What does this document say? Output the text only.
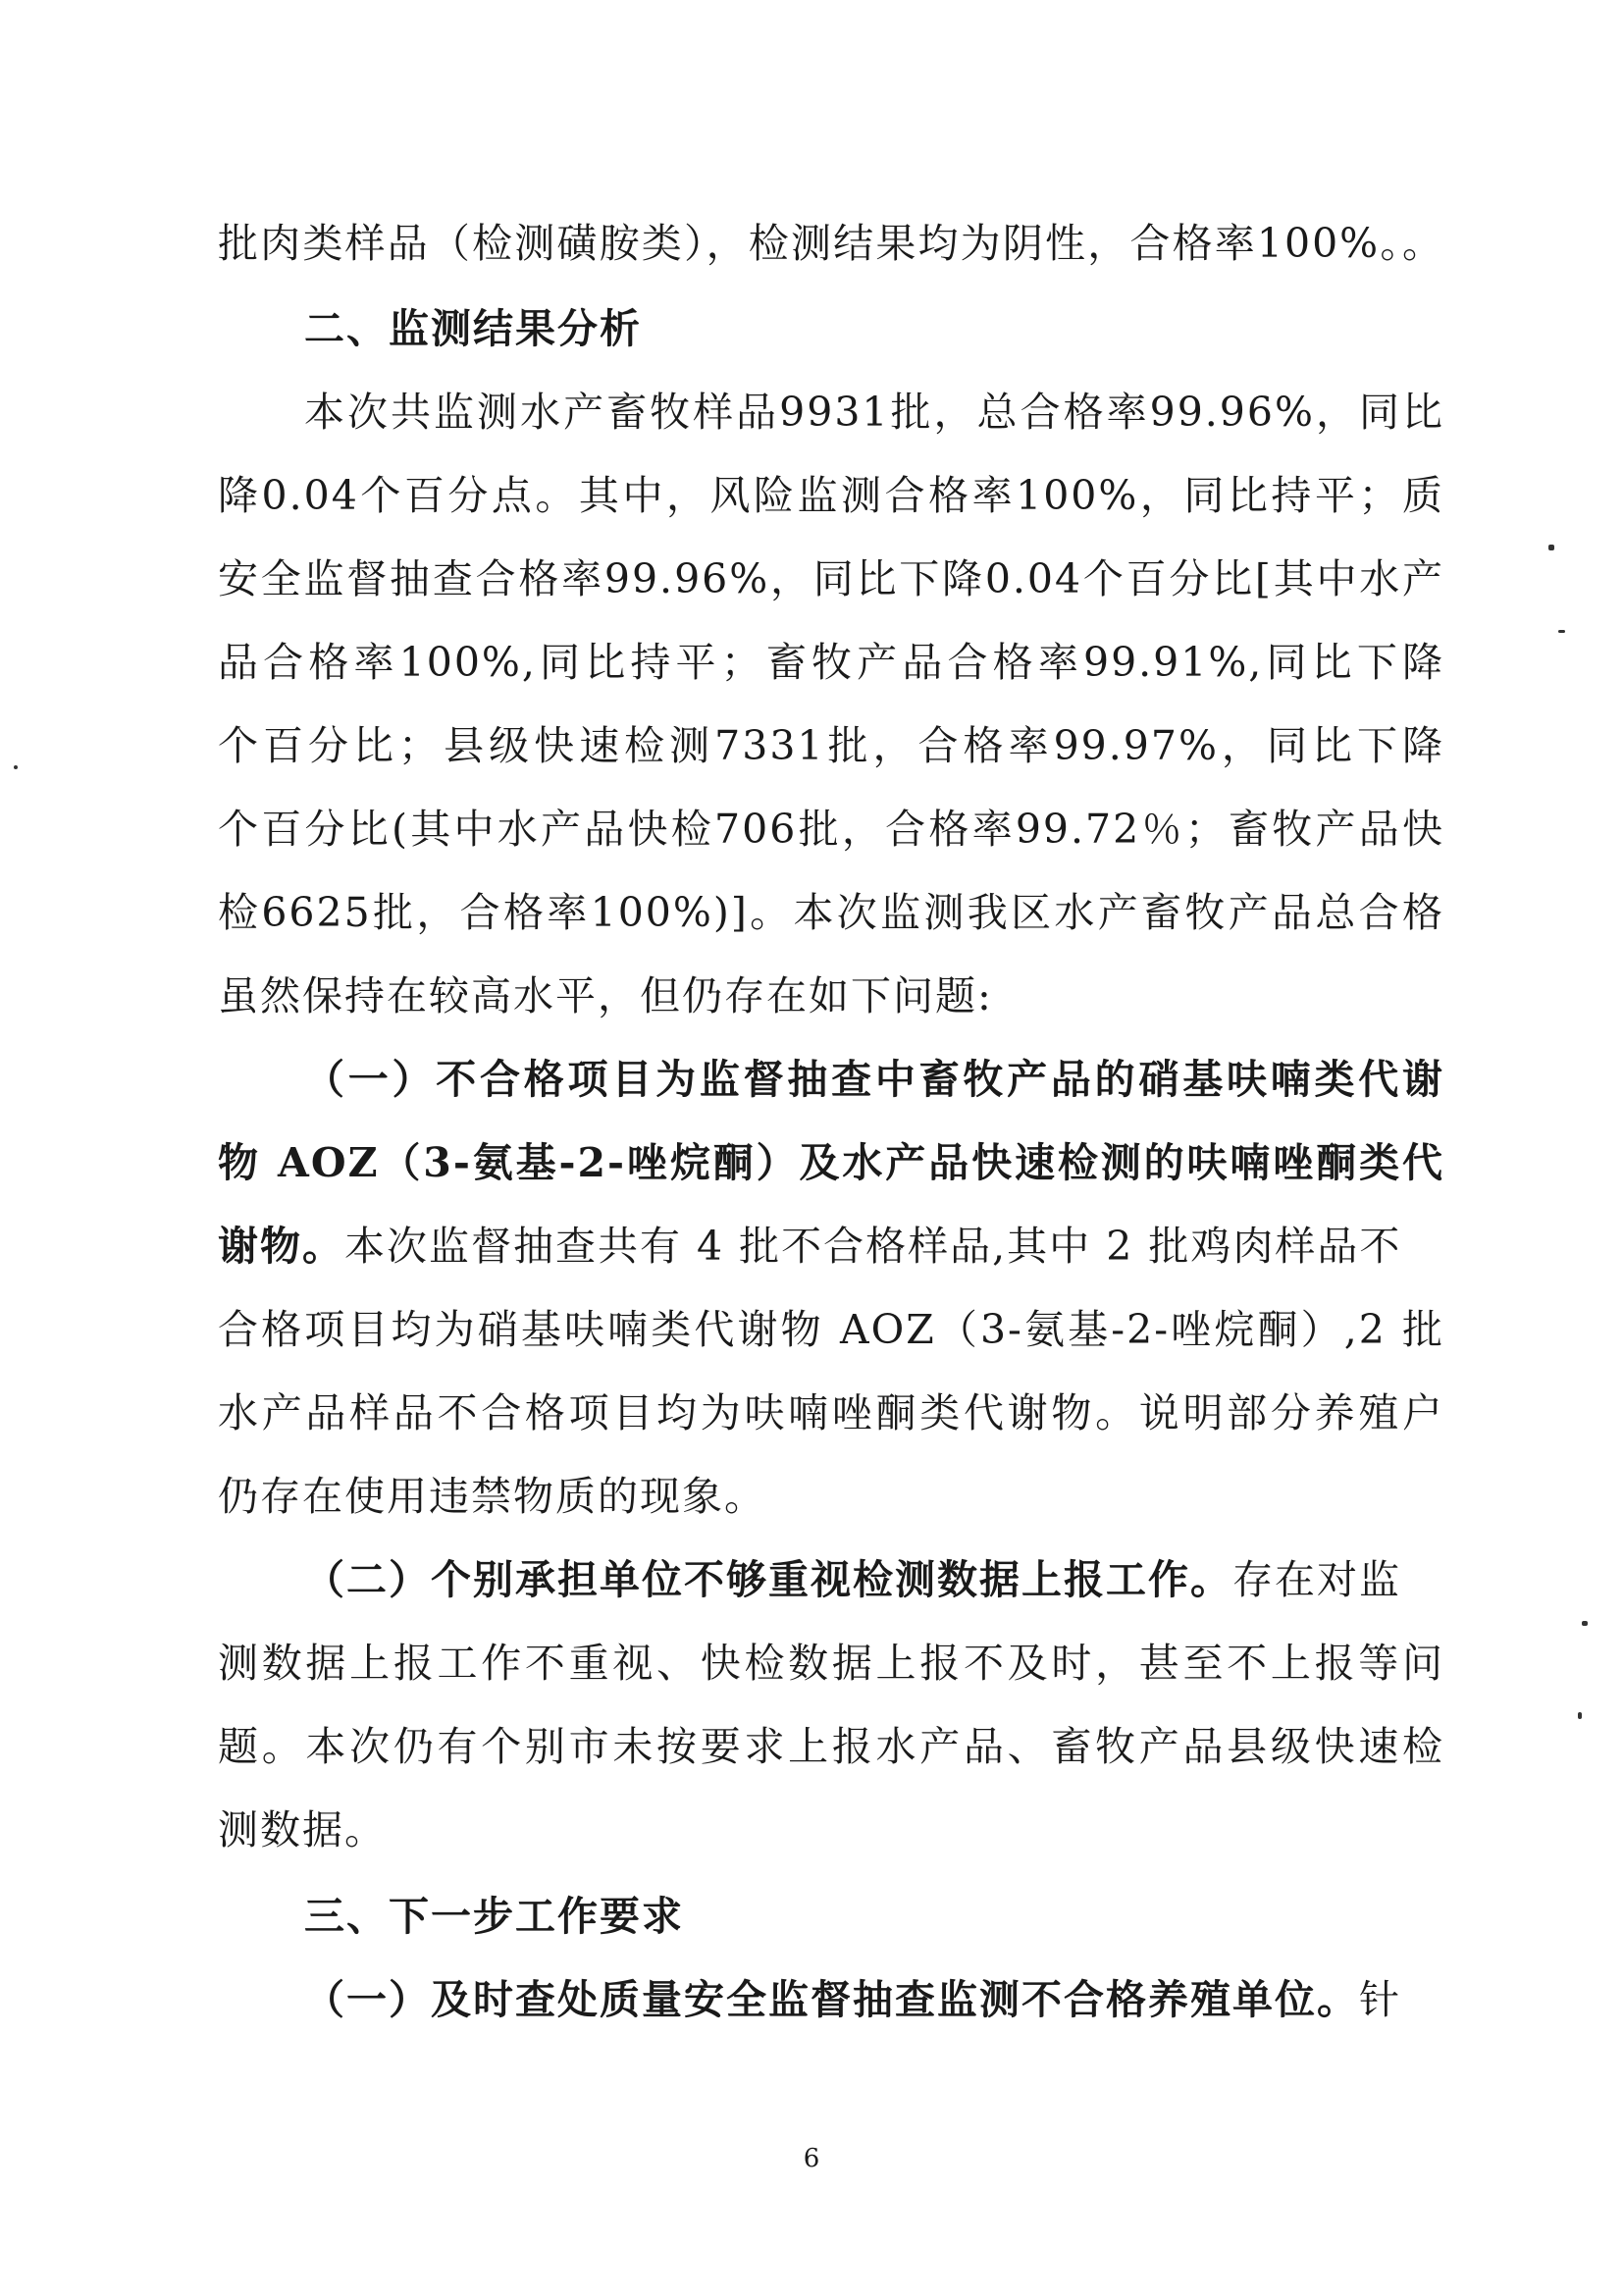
批肉类样品（检测磺胺类），检测结果均为阴性，合格率100%。。
二、监测结果分析
本次共监测水产畜牧样品9931批，总合格率99.96%，同比
降0.04个百分点。其中，风险监测合格率100%，同比持平；质
安全监督抽查合格率99.96%，同比下降0.04个百分比[其中水产
品合格率100%,同比持平；畜牧产品合格率99.91%,同比下降
个百分比；县级快速检测7331批，合格率99.97%，同比下降
个百分比(其中水产品快检706批，合格率99.72％；畜牧产品快
检6625批，合格率100%)]。本次监测我区水产畜牧产品总合格
虽然保持在较高水平，但仍存在如下问题:
（一）不合格项目为监督抽查中畜牧产品的硝基呋喃类代谢
物 AOZ（3-氨基-2-唑烷酮）及水产品快速检测的呋喃唑酮类代
谢物。本次监督抽查共有 4 批不合格样品,其中 2 批鸡肉样品不
合格项目均为硝基呋喃类代谢物 AOZ（3-氨基-2-唑烷酮）,2 批
水产品样品不合格项目均为呋喃唑酮类代谢物。说明部分养殖户
仍存在使用违禁物质的现象。
（二）个别承担单位不够重视检测数据上报工作。存在对监
测数据上报工作不重视、快检数据上报不及时，甚至不上报等问
题。本次仍有个别市未按要求上报水产品、畜牧产品县级快速检
测数据。
三、下一步工作要求
（一）及时查处质量安全监督抽查监测不合格养殖单位。针
6
